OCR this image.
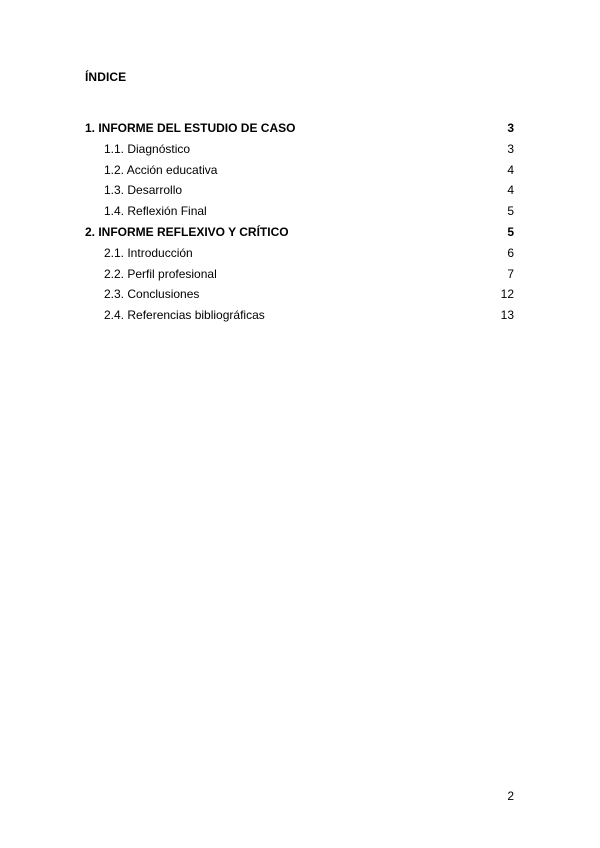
ÍNDICE
1. INFORME DEL ESTUDIO DE CASO	3
1.1. Diagnóstico	3
1.2. Acción educativa	4
1.3. Desarrollo	4
1.4. Reflexión Final	5
2. INFORME REFLEXIVO Y CRÍTICO	5
2.1. Introducción	6
2.2. Perfil profesional	7
2.3. Conclusiones	12
2.4. Referencias bibliográficas	13
2
